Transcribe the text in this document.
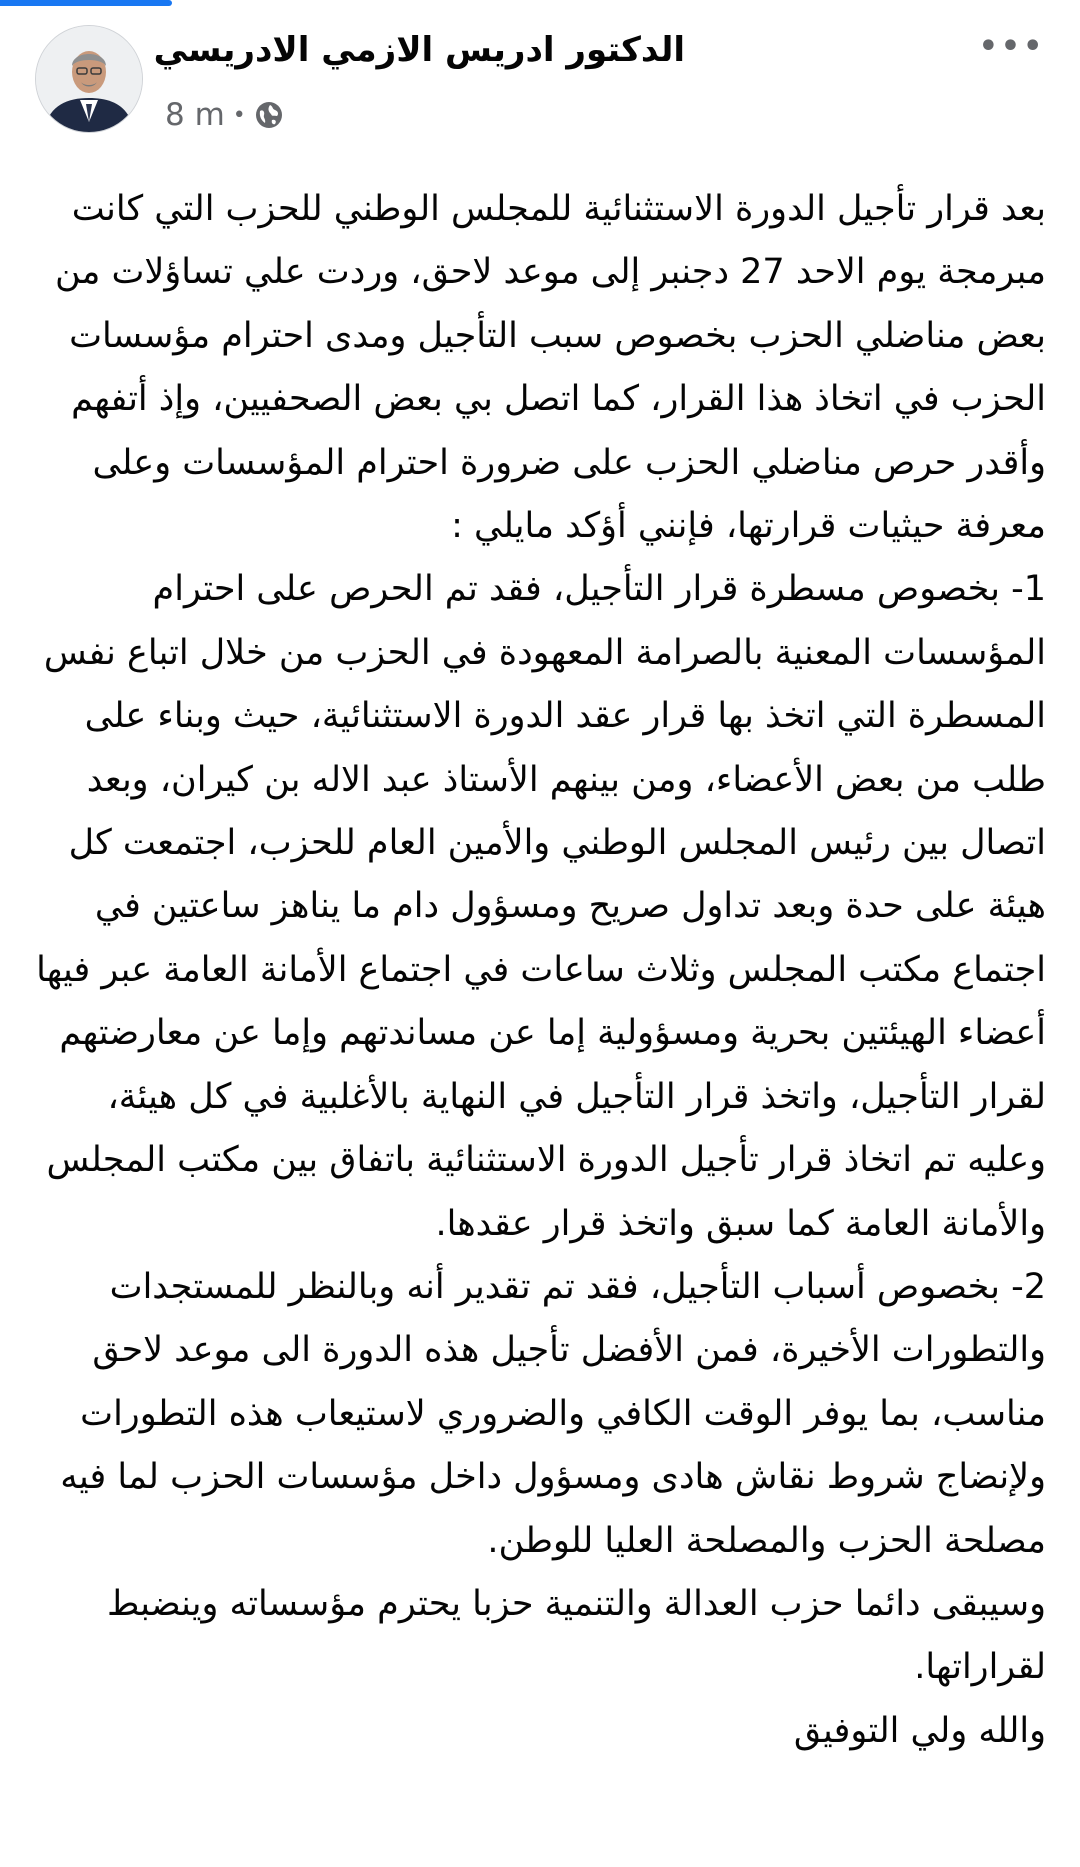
الدكتور ادريس الازمي الادريسي
8 m •
•••

بعد قرار تأجيل الدورة الاستثنائية للمجلس الوطني للحزب التي كانت مبرمجة يوم الاحد 27 دجنبر إلى موعد لاحق، وردت علي تساؤلات من بعض مناضلي الحزب بخصوص سبب التأجيل ومدى احترام مؤسسات الحزب في اتخاذ هذا القرار، كما اتصل بي بعض الصحفيين، وإذ أتفهم وأقدر حرص مناضلي الحزب على ضرورة احترام المؤسسات وعلى معرفة حيثيات قرارتها، فإنني أؤكد مايلي :

1- بخصوص مسطرة قرار التأجيل، فقد تم الحرص على احترام المؤسسات المعنية بالصرامة المعهودة في الحزب من خلال اتباع نفس المسطرة التي اتخذ بها قرار عقد الدورة الاستثنائية، حيث وبناء على طلب من بعض الأعضاء، ومن بينهم الأستاذ عبد الاله بن كيران، وبعد اتصال بين رئيس المجلس الوطني والأمين العام للحزب، اجتمعت كل هيئة على حدة وبعد تداول صريح ومسؤول دام ما يناهز ساعتين في اجتماع مكتب المجلس وثلاث ساعات في اجتماع الأمانة العامة عبر فيها أعضاء الهيئتين بحرية ومسؤولية إما عن مساندتهم وإما عن معارضتهم لقرار التأجيل، واتخذ قرار التأجيل في النهاية بالأغلبية في كل هيئة، وعليه تم اتخاذ قرار تأجيل الدورة الاستثنائية باتفاق بين مكتب المجلس والأمانة العامة كما سبق واتخذ قرار عقدها.

2- بخصوص أسباب التأجيل، فقد تم تقدير أنه وبالنظر للمستجدات والتطورات الأخيرة، فمن الأفضل تأجيل هذه الدورة الى موعد لاحق مناسب، بما يوفر الوقت الكافي والضروري لاستيعاب هذه التطورات ولإنضاج شروط نقاش هادى ومسؤول داخل مؤسسات الحزب لما فيه مصلحة الحزب والمصلحة العليا للوطن.

وسيبقى دائما حزب العدالة والتنمية حزبا يحترم مؤسساته وينضبط لقراراتها.

والله ولي التوفيق
